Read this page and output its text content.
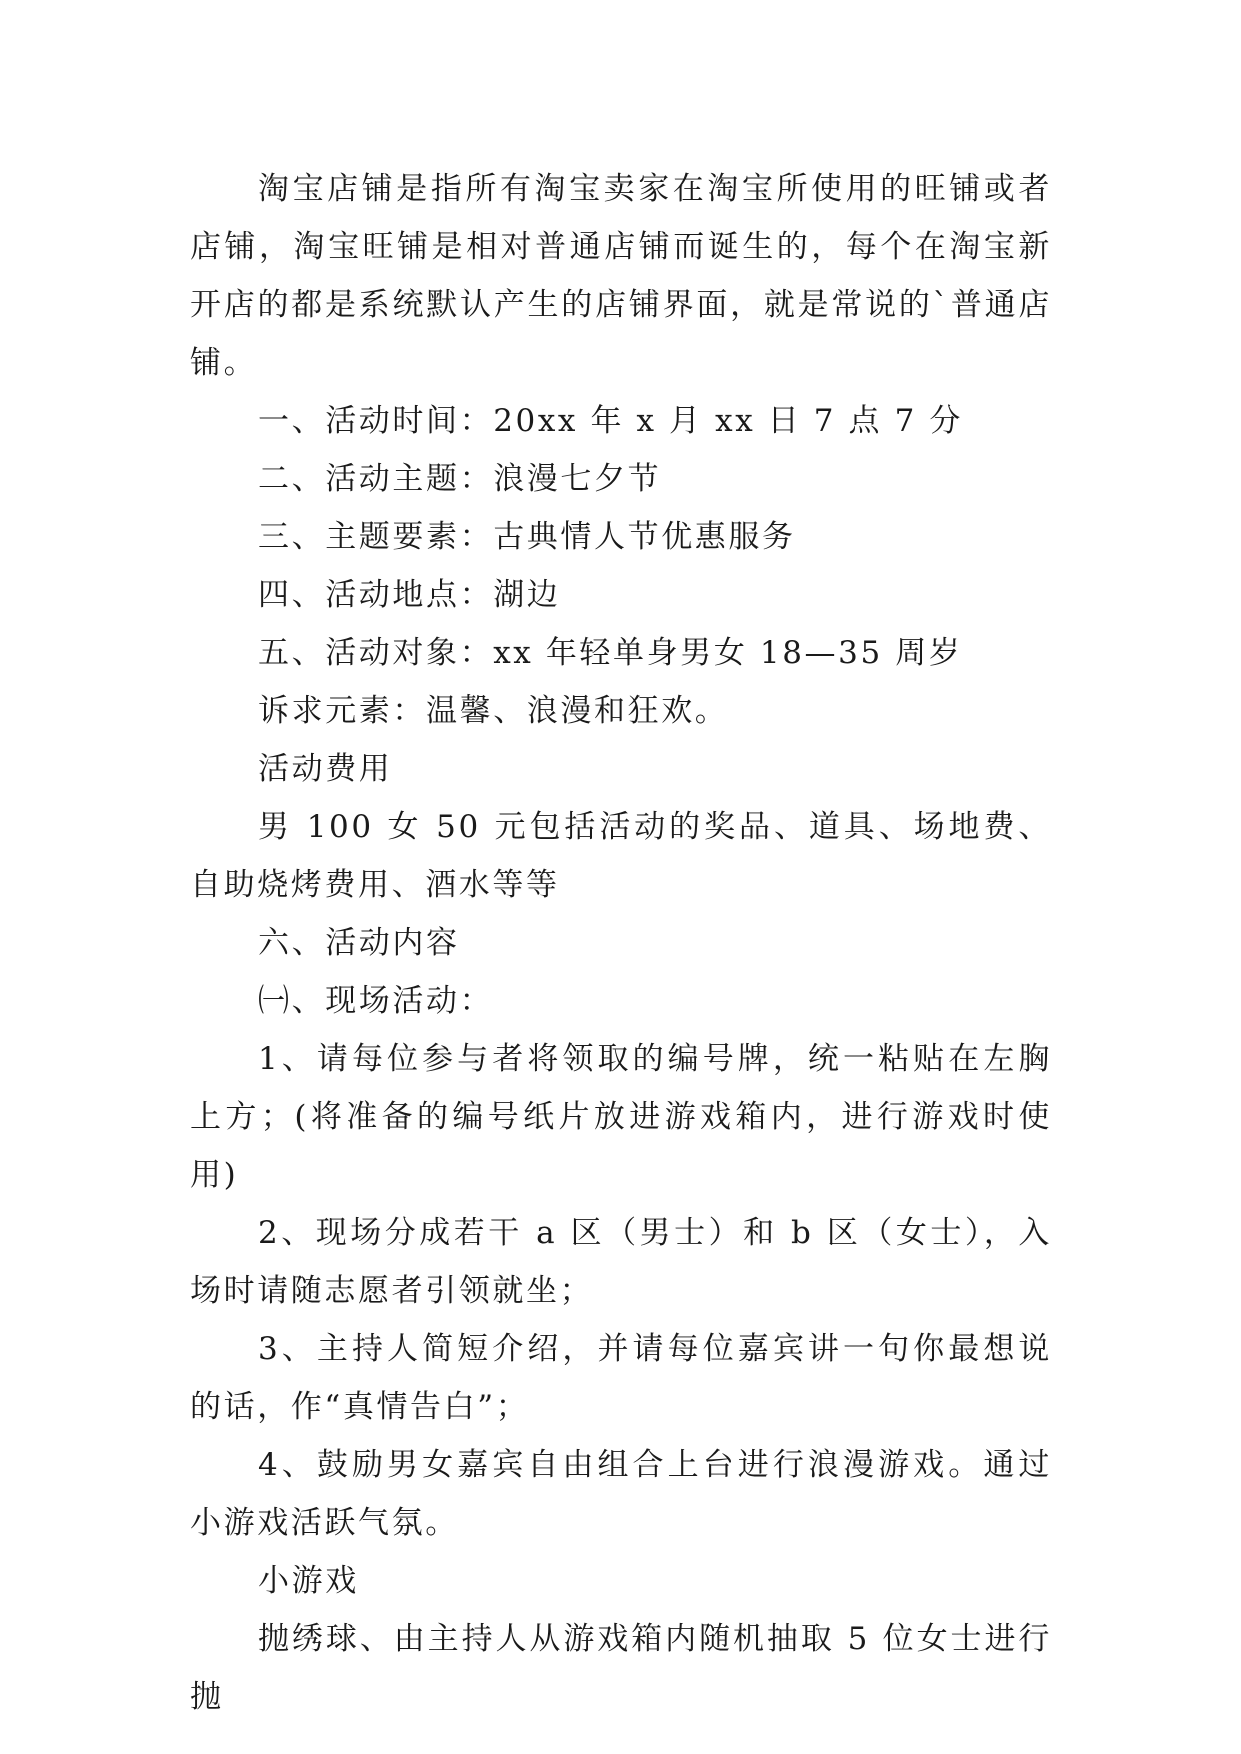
淘宝店铺是指所有淘宝卖家在淘宝所使用的旺铺或者店铺，淘宝旺铺是相对普通店铺而诞生的，每个在淘宝新开店的都是系统默认产生的店铺界面，就是常说的`普通店铺。

一、活动时间：20xx 年 x 月 xx 日 7 点 7 分

二、活动主题：浪漫七夕节

三、主题要素：古典情人节优惠服务

四、活动地点：湖边

五、活动对象：xx 年轻单身男女 18—35 周岁

诉求元素：温馨、浪漫和狂欢。

活动费用

男 100 女 50 元包括活动的奖品、道具、场地费、自助烧烤费用、酒水等等

六、活动内容

㈠、现场活动：

1、请每位参与者将领取的编号牌，统一粘贴在左胸上方；(将准备的编号纸片放进游戏箱内，进行游戏时使用)

2、现场分成若干 a 区（男士）和 b 区（女士），入场时请随志愿者引领就坐；

3、主持人简短介绍，并请每位嘉宾讲一句你最想说的话，作“真情告白”；

4、鼓励男女嘉宾自由组合上台进行浪漫游戏。通过小游戏活跃气氛。

小游戏

抛绣球、由主持人从游戏箱内随机抽取 5 位女士进行抛
